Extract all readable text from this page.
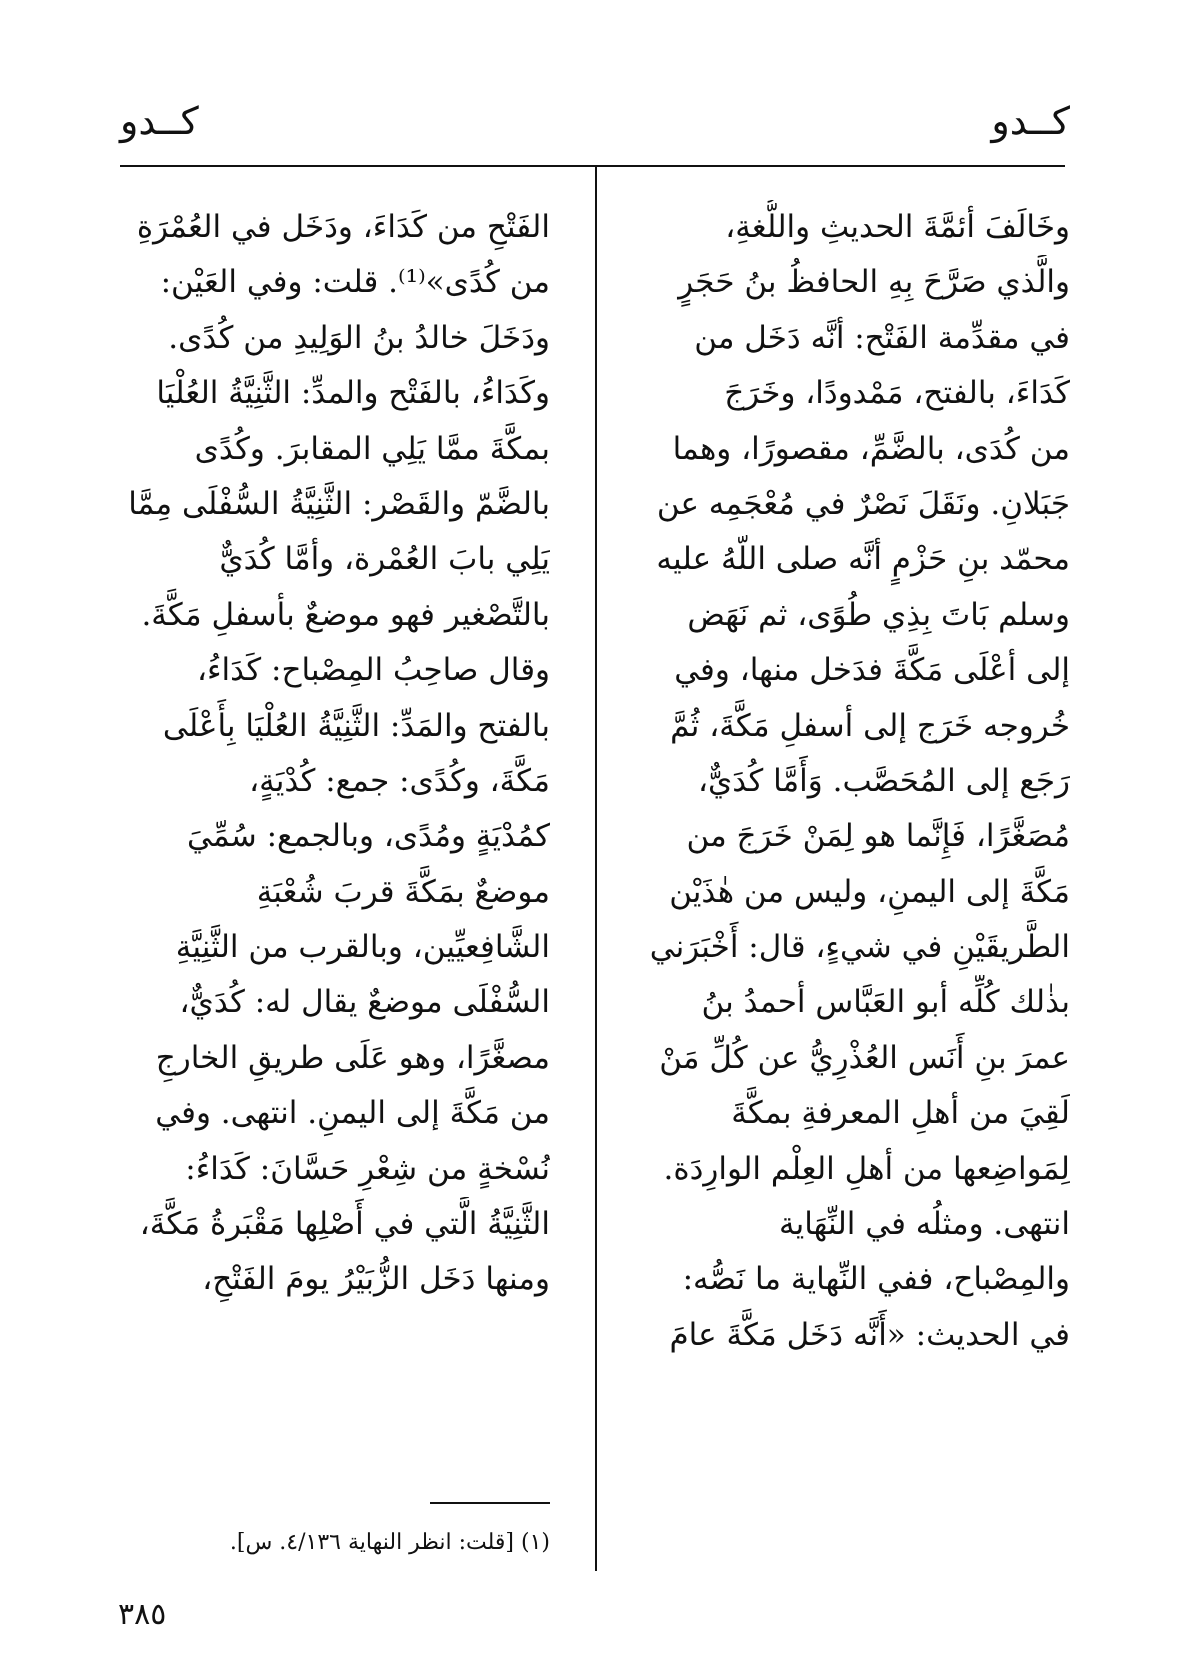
كــدو
كــدو
وخَالَفَ أئمَّةَ الحديثِ واللُّغةِ،
والَّذي صَرَّحَ بِهِ الحافظُ بنُ حَجَرٍ
في مقدِّمة الفَتْح: أنَّه دَخَل من
كَدَاءَ، بالفتح، مَمْدودًا، وخَرَجَ
من كُدَى، بالضَّمِّ، مقصورًا، وهما
جَبَلانِ. ونَقَلَ نَصْرٌ في مُعْجَمِه عن
محمّد بنِ حَزْمٍ أنَّه صلى اللّهُ عليه
وسلم بَاتَ بِذِي طُوًى، ثم نَهَض
إلى أعْلَى مَكَّةَ فدَخل منها، وفي
خُروجه خَرَج إلى أسفلِ مَكَّةَ، ثُمَّ
رَجَع إلى المُحَصَّب. وَأَمَّا كُدَيٌّ،
مُصَغَّرًا، فَإِنَّما هو لِمَنْ خَرَجَ من
مَكَّةَ إلى اليمنِ، وليس من هٰذَيْن
الطَّريقَيْنِ في شيءٍ، قال: أَخْبَرَني
بذٰلك كُلِّه أبو العَبَّاس أحمدُ بنُ
عمرَ بنِ أَنَس العُذْرِيُّ عن كُلِّ مَنْ
لَقِيَ من أهلِ المعرفةِ بمكَّةَ
لِمَواضِعها من أهلِ العِلْم الوارِدَة.
انتهى. ومثلُه في النِّهَاية
والمِصْباح، ففي النِّهاية ما نَصُّه:
في الحديث: «أَنَّه دَخَل مَكَّةَ عامَ
الفَتْحِ من كَدَاءَ، ودَخَل في العُمْرَةِ
من كُدًى»⁽¹⁾. قلت: وفي العَيْن:
ودَخَلَ خالدُ بنُ الوَلِيدِ من كُدًى.
وكَدَاءُ، بالفَتْح والمدِّ: الثَّنِيَّةُ العُلْيَا
بمكَّةَ ممَّا يَلِي المقابرَ. وكُدًى
بالضَّمّ والقَصْر: الثَّنِيَّةُ السُّفْلَى مِمَّا
يَلِي بابَ العُمْرة، وأمَّا كُدَيٌّ
بالتَّصْغير فهو موضعٌ بأسفلِ مَكَّةَ.
وقال صاحِبُ المِصْباح: كَدَاءُ،
بالفتح والمَدِّ: الثَّنِيَّةُ العُلْيَا بِأَعْلَى
مَكَّةَ، وكُدًى: جمع: كُدْيَةٍ،
كمُدْيَةٍ ومُدًى، وبالجمع: سُمِّيَ
موضعٌ بمَكَّةَ قربَ شُعْبَةِ
الشَّافِعيِّين، وبالقرب من الثَّنِيَّةِ
السُّفْلَى موضعٌ يقال له: كُدَيٌّ،
مصغَّرًا، وهو عَلَى طريقِ الخارجِ
من مَكَّةَ إلى اليمنِ. انتهى. وفي
نُسْخةٍ من شِعْرِ حَسَّانَ: كَدَاءُ:
الثَّنِيَّةُ الَّتي في أَصْلِها مَقْبَرةُ مَكَّةَ،
ومنها دَخَل الزُّبَيْرُ يومَ الفَتْحِ،
(١) [قلت: انظر النهاية ٤/١٣٦. س].
٣٨٥
